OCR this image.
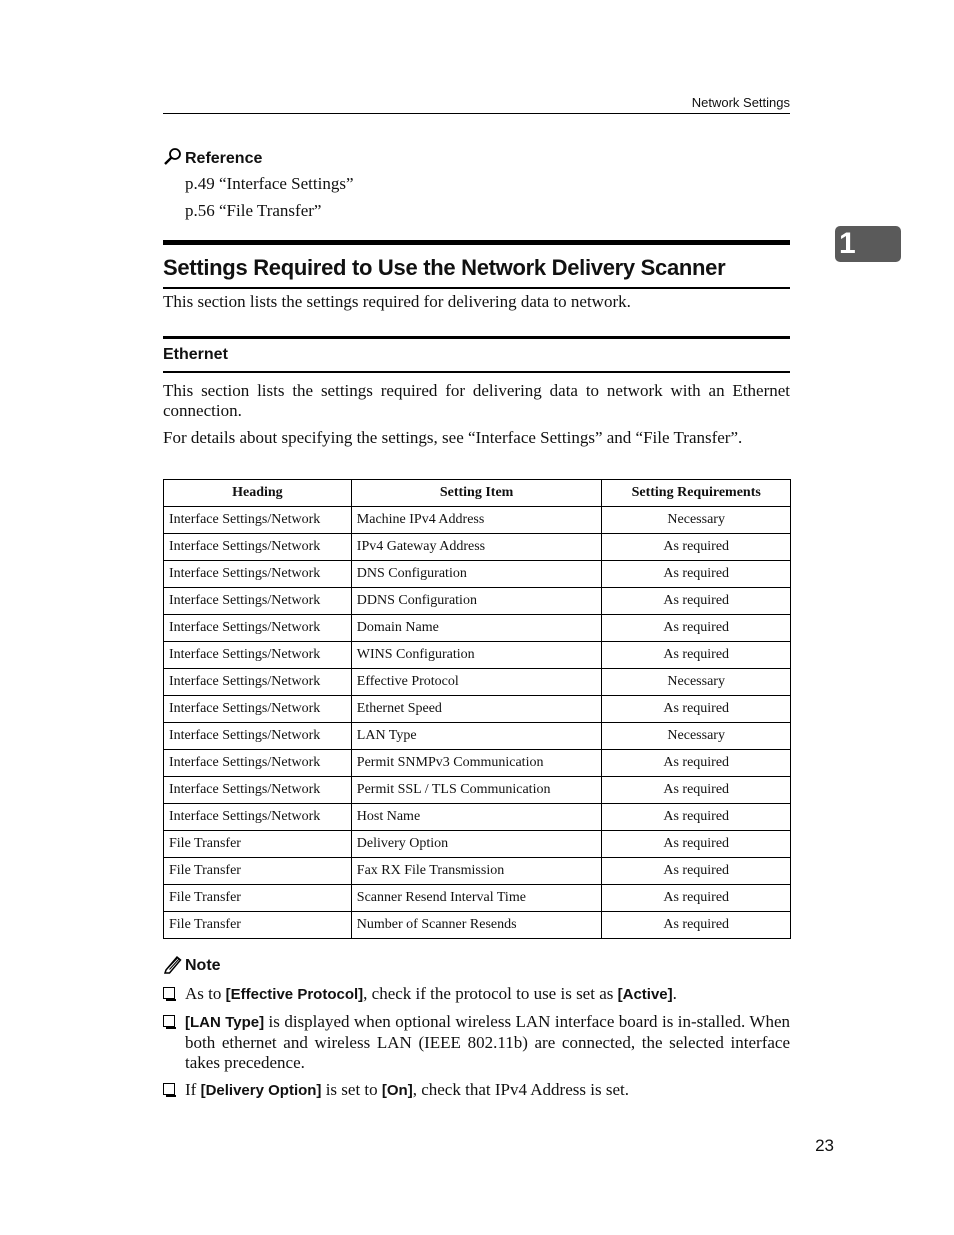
Network Settings
Reference
p.49 “Interface Settings”
p.56 “File Transfer”
1
Settings Required to Use the Network Delivery Scanner
This section lists the settings required for delivering data to network.
Ethernet
This section lists the settings required for delivering data to network with an Ethernet connection.
For details about specifying the settings, see “Interface Settings” and “File Transfer”.
Heading	Setting Item	Setting Requirements
Interface Settings/Network	Machine IPv4 Address	Necessary
Interface Settings/Network	IPv4 Gateway Address	As required
Interface Settings/Network	DNS Configuration	As required
Interface Settings/Network	DDNS Configuration	As required
Interface Settings/Network	Domain Name	As required
Interface Settings/Network	WINS Configuration	As required
Interface Settings/Network	Effective Protocol	Necessary
Interface Settings/Network	Ethernet Speed	As required
Interface Settings/Network	LAN Type	Necessary
Interface Settings/Network	Permit SNMPv3 Communication	As required
Interface Settings/Network	Permit SSL / TLS Communication	As required
Interface Settings/Network	Host Name	As required
File Transfer	Delivery Option	As required
File Transfer	Fax RX File Transmission	As required
File Transfer	Scanner Resend Interval Time	As required
File Transfer	Number of Scanner Resends	As required
Note
As to [Effective Protocol], check if the protocol to use is set as [Active].
[LAN Type] is displayed when optional wireless LAN interface board is in-stalled. When both ethernet and wireless LAN (IEEE 802.11b) are connected, the selected interface takes precedence.
If [Delivery Option] is set to [On], check that IPv4 Address is set.
23
